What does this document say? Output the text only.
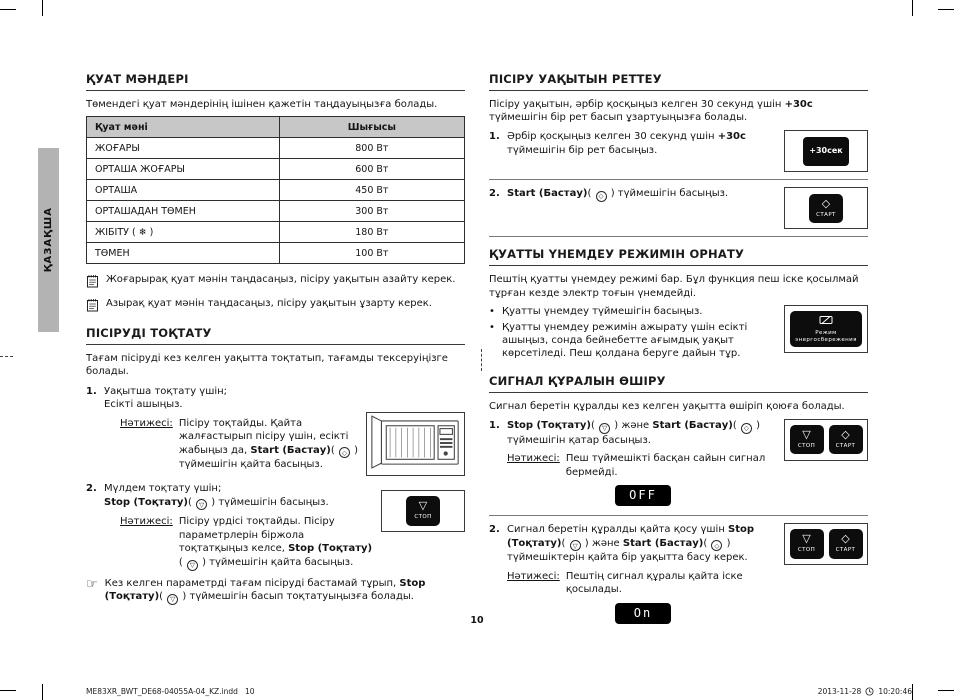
ҚАЗАҚША
ҚУАТ МӘНДЕРІ

Төмендегі қуат мәндерінің ішінен қажетін таңдауыңызға болады.

Қуат мәні	Шығысы
ЖОҒАРЫ	800 Вт
ОРТАША ЖОҒАРЫ	600 Вт
ОРТАША	450 Вт
ОРТАШАДАН ТӨМЕН	300 Вт
ЖІБІТУ ( ❄ )	180 Вт
ТӨМЕН	100 Вт
Жоғарырақ қуат мәнін таңдасаңыз, пісіру уақытын азайту керек.
Азырақ қуат мәнін таңдасаңыз, пісіру уақытын ұзарту керек.
ПІСІРУДІ ТОҚТАТУ

Тағам пісіруді кез келген уақытта тоқтатып, тағамды тексеруіңізге болады.

1. Уақытша тоқтату үшін;
Есікті ашыңыз.
Нәтижесі: Пісіру тоқтайды. Қайта жалғастырып пісіру үшін, есікті жабыңыз да, Start (Бастау) ( ◇ ) түймешігін қайта басыңыз.
2. Мүлдем тоқтату үшін;
Stop (Тоқтату) ( ▽ ) түймешігін басыңыз.
Нәтижесі: Пісіру үрдісі тоқтайды. Пісіру параметрлерін біржола тоқтатқыңыз келсе, Stop (Тоқтату)( ▽ ) түймешігін қайта басыңыз.
▽
СТОП
☞ Кез келген параметрді тағам пісіруді бастамай тұрып, Stop (Тоқтату) ( ▽ ) түймешігін басып тоқтатуыңызға болады.
ПІСІРУ УАҚЫТЫН РЕТТЕУ

Пісіру уақытын, әрбір қосқыңыз келген 30 секунд үшін +30с түймешігін бір рет басып ұзартуыңызға болады.

1. Әрбір қосқыңыз келген 30 секунд үшін +30с түймешігін бір рет басыңыз.	+30сек
2. Start (Бастау) ( ◇ ) түймешігін басыңыз.
◇
СТАРТ
ҚУАТТЫ ҮНЕМДЕУ РЕЖИМІН ОРНАТУ

Пештің қуатты үнемдеу режимі бар. Бұл функция пеш іске қосылмай тұрған кезде электр тоғын үнемдейді.

• Қуатты үнемдеу түймешігін басыңыз.
• Қуатты үнемдеу режимін ажырату үшін есікті ашыңыз, сонда бейнебетте ағымдық уақыт көрсетіледі. Пеш қолдана беруге дайын тұр.
Режим
энергосбережения
СИГНАЛ ҚҰРАЛЫН ӨШІРУ

Сигнал беретін құралды кез келген уақытта өшіріп қоюға болады.

1. Stop (Тоқтату) ( ▽ ) және Start (Бастау) ( ◇ ) түймешігін қатар басыңыз.
Нәтижесі: Пеш түймешікті басқан сайын сигнал бермейді.
OFF
▽
СТОП
◇
СТАРТ
2. Сигнал беретін құралды қайта қосу үшін Stop (Тоқтату) ( ▽ ) және Start (Бастау) ( ◇ ) түймешіктерін қайта бір уақытта басу керек.
Нәтижесі: Пештің сигнал құралы қайта іске қосылады.
On
▽
СТОП
◇
СТАРТ
10
ME83XR_BWT_DE68-04055A-04_KZ.indd   10	2013-11-28 10:20:46
